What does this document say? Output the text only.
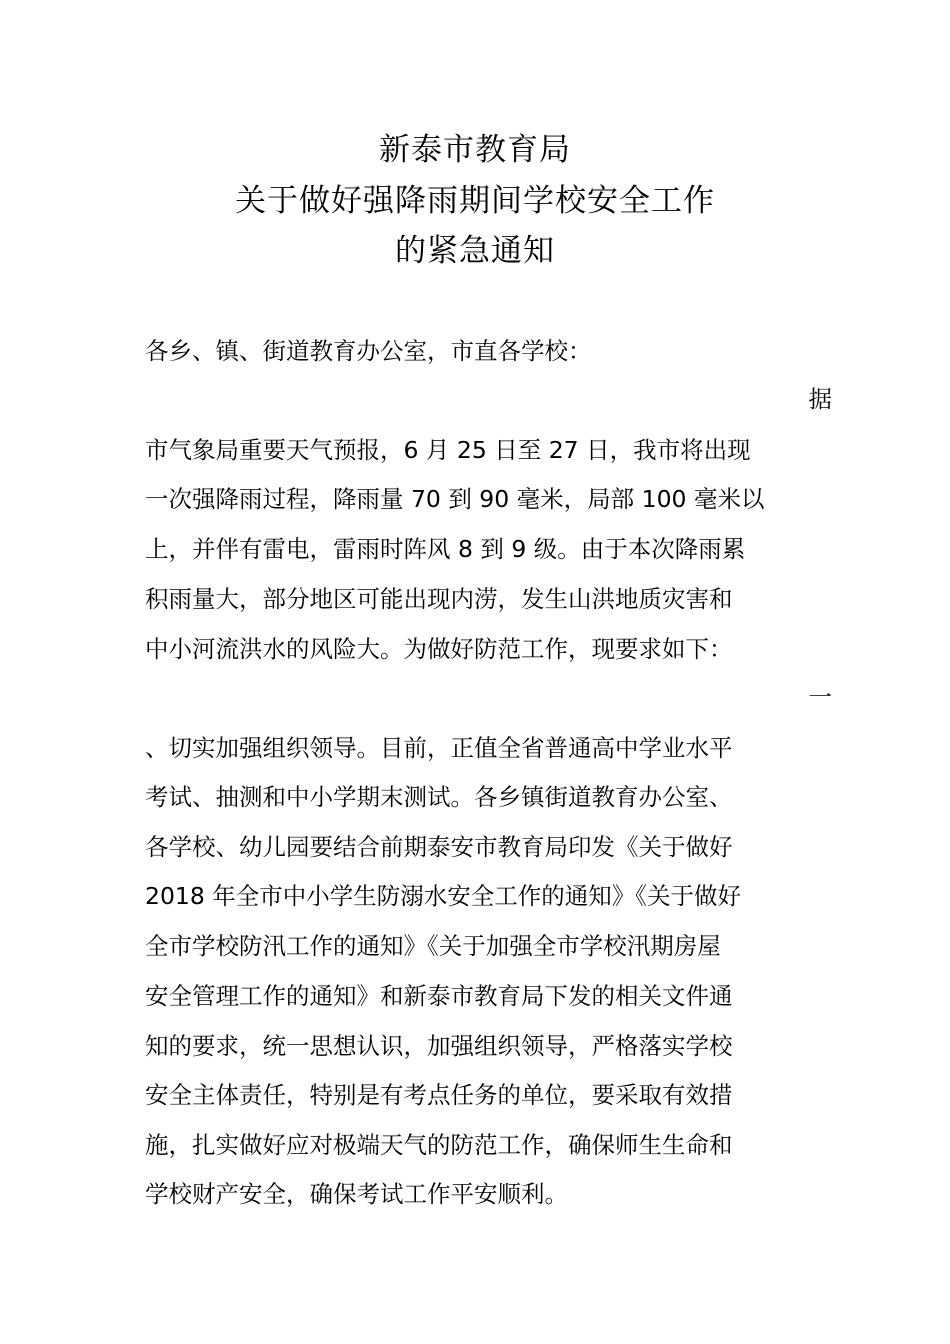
新泰市教育局
关于做好强降雨期间学校安全工作
的紧急通知
各乡、镇、街道教育办公室，市直各学校：
据
市气象局重要天气预报，6 月 25 日至 27 日，我市将出现
一次强降雨过程，降雨量 70 到 90 毫米，局部 100 毫米以
上，并伴有雷电，雷雨时阵风 8 到 9 级。由于本次降雨累
积雨量大，部分地区可能出现内涝，发生山洪地质灾害和
中小河流洪水的风险大。为做好防范工作，现要求如下：
一
、切实加强组织领导。目前，正值全省普通高中学业水平
考试、抽测和中小学期末测试。各乡镇街道教育办公室、
各学校、幼儿园要结合前期泰安市教育局印发《关于做好
2018 年全市中小学生防溺水安全工作的通知》《关于做好
全市学校防汛工作的通知》《关于加强全市学校汛期房屋
安全管理工作的通知》和新泰市教育局下发的相关文件通
知的要求，统一思想认识，加强组织领导，严格落实学校
安全主体责任，特别是有考点任务的单位，要采取有效措
施，扎实做好应对极端天气的防范工作，确保师生生命和
学校财产安全，确保考试工作平安顺利。
